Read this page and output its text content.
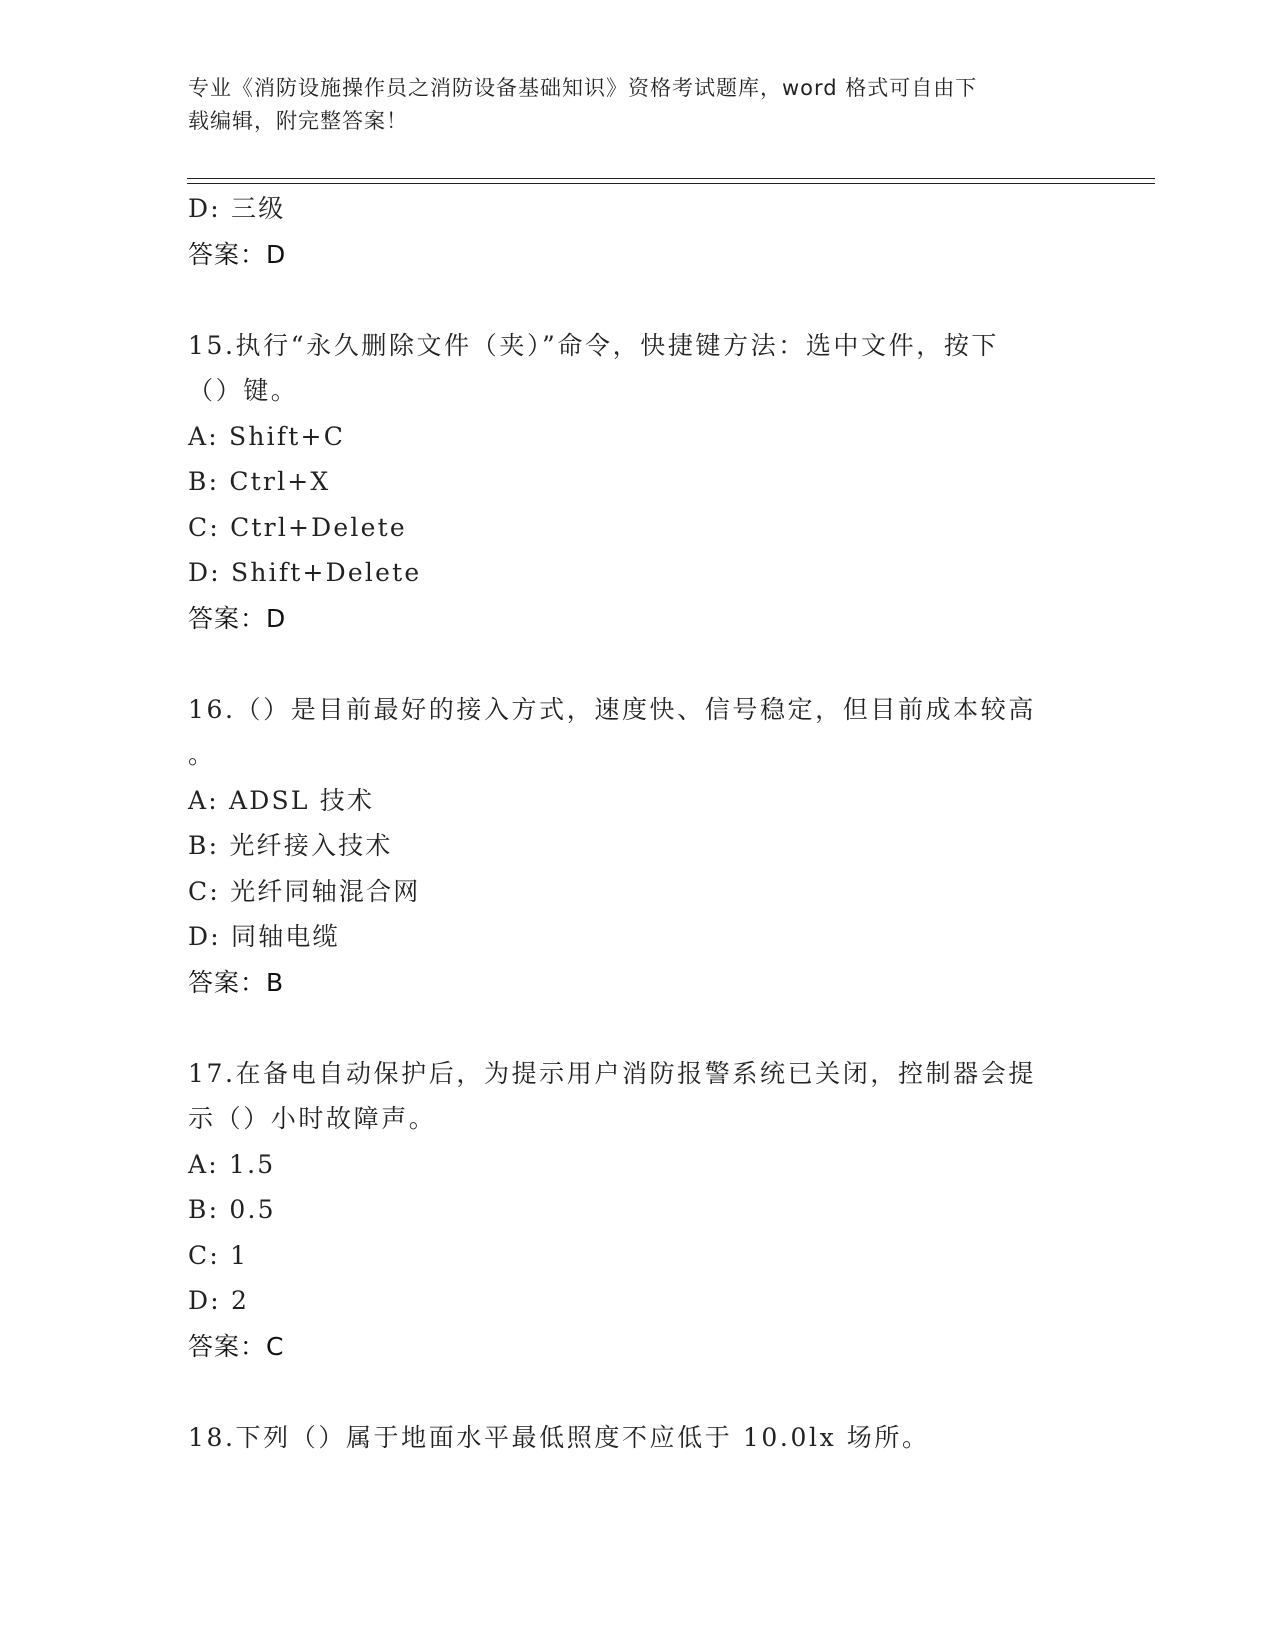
专业《消防设施操作员之消防设备基础知识》资格考试题库，word 格式可自由下
载编辑，附完整答案！
D: 三级
答案：D
15.执行“永久删除文件（夹）”命令，快捷键方法：选中文件，按下
（）键。
A: Shift+C
B: Ctrl+X
C: Ctrl+Delete
D: Shift+Delete
答案：D
16.（）是目前最好的接入方式，速度快、信号稳定，但目前成本较高
。
A: ADSL 技术
B: 光纤接入技术
C: 光纤同轴混合网
D: 同轴电缆
答案：B
17.在备电自动保护后，为提示用户消防报警系统已关闭，控制器会提
示（）小时故障声。
A: 1.5
B: 0.5
C: 1
D: 2
答案：C
18.下列（）属于地面水平最低照度不应低于 10.0lx 场所。
